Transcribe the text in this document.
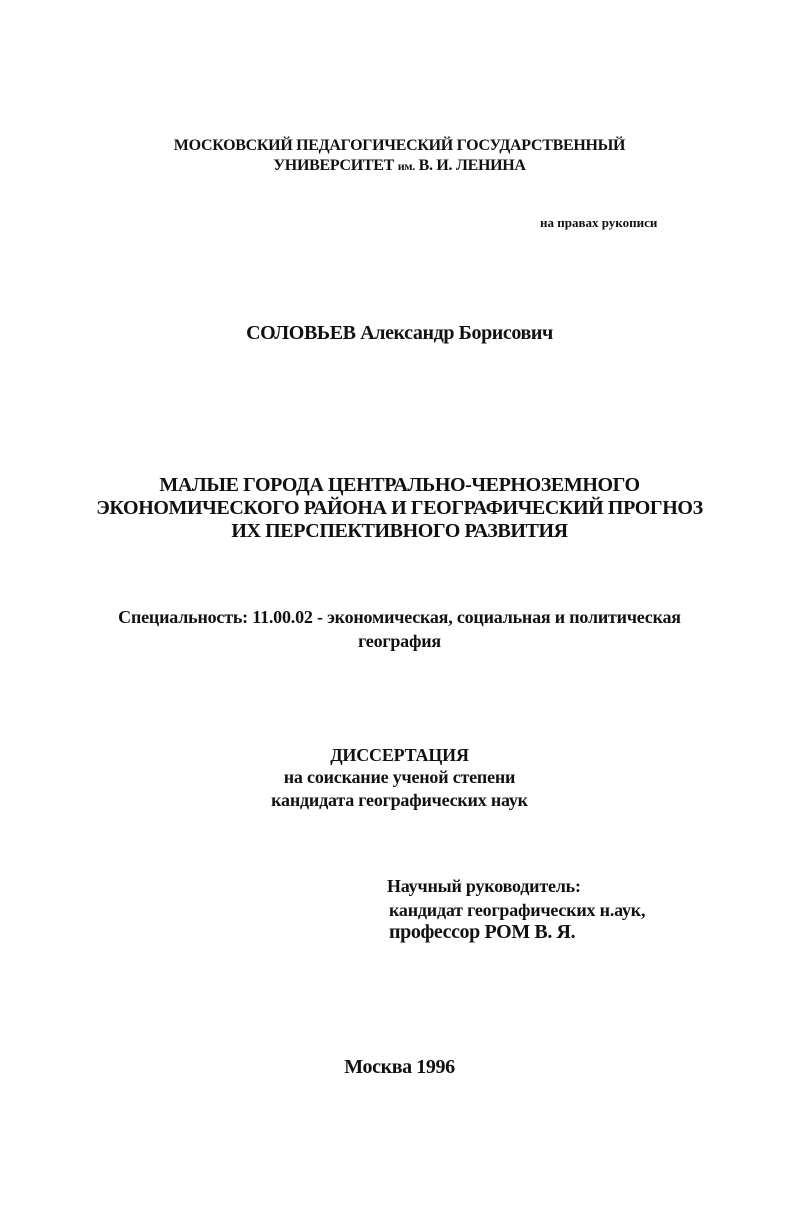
МОСКОВСКИЙ ПЕДАГОГИЧЕСКИЙ ГОСУДАРСТВЕННЫЙ
УНИВЕРСИТЕТ им. В. И. ЛЕНИНА
на правах рукописи
СОЛОВЬЕВ Александр Борисович
МАЛЫЕ ГОРОДА ЦЕНТРАЛЬНО-ЧЕРНОЗЕМНОГО
ЭКОНОМИЧЕСКОГО РАЙОНА И ГЕОГРАФИЧЕСКИЙ ПРОГНОЗ
ИХ ПЕРСПЕКТИВНОГО РАЗВИТИЯ
Специальность: 11.00.02 - экономическая, социальная и политическая
география
ДИССЕРТАЦИЯ
на соискание ученой степени
кандидата географических наук
Научный руководитель:
кандидат географических н.аук,
профессор РОМ В. Я.
Москва 1996
